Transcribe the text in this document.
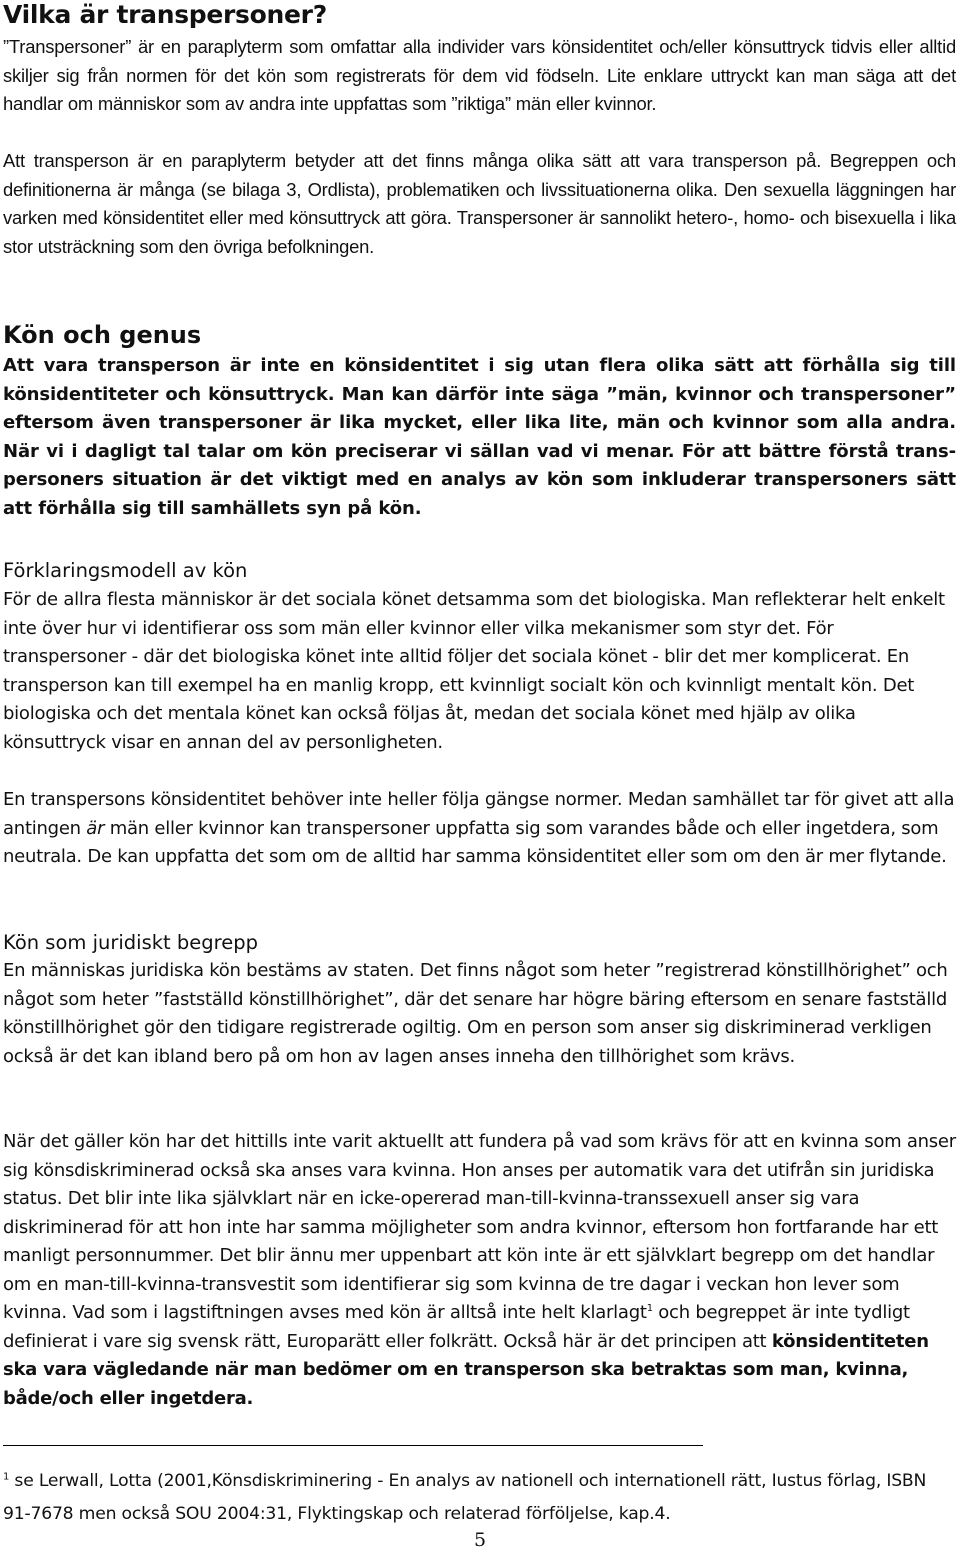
Vilka är transpersoner?

”Transpersoner” är en paraplyterm som omfattar alla individer vars könsidentitet och/eller könsuttryck tidvis eller alltid skiljer sig från normen för det kön som registrerats för dem vid födseln. Lite enklare uttryckt kan man säga att det handlar om människor som av andra inte uppfattas som ”riktiga” män eller kvinnor.

Att transperson är en paraplyterm betyder att det finns många olika sätt att vara transperson på. Begreppen och definitionerna är många (se bilaga 3, Ordlista), problematiken och livssituationerna olika. Den sexuella läggningen har varken med könsidentitet eller med könsuttryck att göra. Transpersoner är sannolikt hetero-, homo- och bisexuella i lika stor utsträckning som den övriga befolkningen.

Kön och genus

Att vara transperson är inte en könsidentitet i sig utan flera olika sätt att förhålla sig till könsidentiteter och könsuttryck. Man kan därför inte säga ”män, kvinnor och transpersoner” eftersom även transpersoner är lika mycket, eller lika lite, män och kvinnor som alla andra. När vi i dagligt tal talar om kön preciserar vi sällan vad vi menar. För att bättre förstå trans-personers situation är det viktigt med en analys av kön som inkluderar transpersoners sätt att förhålla sig till samhällets syn på kön.

Förklaringsmodell av kön

För de allra flesta människor är det sociala könet detsamma som det biologiska. Man reflekterar helt enkelt inte över hur vi identifierar oss som män eller kvinnor eller vilka mekanismer som styr det. För transpersoner - där det biologiska könet inte alltid följer det sociala könet - blir det mer komplicerat. En transperson kan till exempel ha en manlig kropp, ett kvinnligt socialt kön och kvinnligt mentalt kön. Det biologiska och det mentala könet kan också följas åt, medan det sociala könet med hjälp av olika könsuttryck visar en annan del av personligheten.

En transpersons könsidentitet behöver inte heller följa gängse normer. Medan samhället tar för givet att alla antingen är män eller kvinnor kan transpersoner uppfatta sig som varandes både och eller ingetdera, som neutrala. De kan uppfatta det som om de alltid har samma könsidentitet eller som om den är mer flytande.

Kön som juridiskt begrepp

En människas juridiska kön bestäms av staten. Det finns något som heter ”registrerad könstillhörighet” och något som heter ”fastställd könstillhörighet”, där det senare har högre bäring eftersom en senare fastställd könstillhörighet gör den tidigare registrerade ogiltig. Om en person som anser sig diskriminerad verkligen också är det kan ibland bero på om hon av lagen anses inneha den tillhörighet som krävs.

När det gäller kön har det hittills inte varit aktuellt att fundera på vad som krävs för att en kvinna som anser sig könsdiskriminerad också ska anses vara kvinna. Hon anses per automatik vara det utifrån sin juridiska status. Det blir inte lika självklart när en icke-opererad man-till-kvinna-transsexuell anser sig vara diskriminerad för att hon inte har samma möjligheter som andra kvinnor, eftersom hon fortfarande har ett manligt personnummer. Det blir ännu mer uppenbart att kön inte är ett självklart begrepp om det handlar om en man-till-kvinna-transvestit som identifierar sig som kvinna de tre dagar i veckan hon lever som kvinna. Vad som i lagstiftningen avses med kön är alltså inte helt klarlagt$^1$ och begreppet är inte tydligt definierat i vare sig svensk rätt, Europarätt eller folkrätt. Också här är det principen att könsidentiteten ska vara vägledande när man bedömer om en transperson ska betraktas som man, kvinna, både/och eller ingetdera.

$^1$ se Lerwall, Lotta (2001,Könsdiskriminering - En analys av nationell och internationell rätt, Iustus förlag, ISBN 91-7678 men också SOU 2004:31, Flyktingskap och relaterad förföljelse, kap.4.

5
